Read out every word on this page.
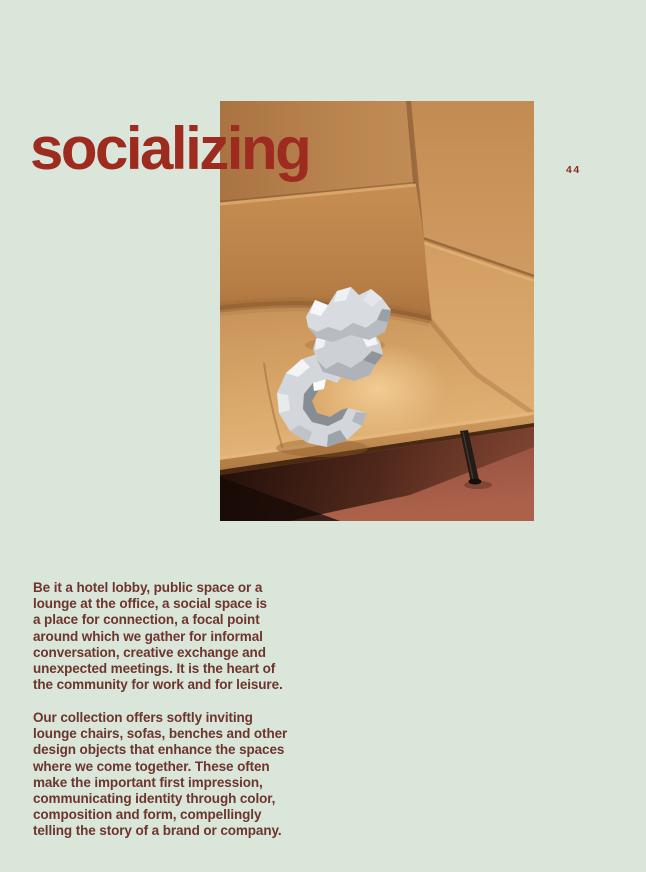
socializing	44
Be it a hotel lobby, public space or a
lounge at the office, a social space is
a place for connection, a focal point
around which we gather for informal
conversation, creative exchange and
unexpected meetings. It is the heart of
the community for work and for leisure.
Our collection offers softly inviting
lounge chairs, sofas, benches and other
design objects that enhance the spaces
where we come together. These often
make the important first impression,
communicating identity through color,
composition and form, compellingly
telling the story of a brand or company.
